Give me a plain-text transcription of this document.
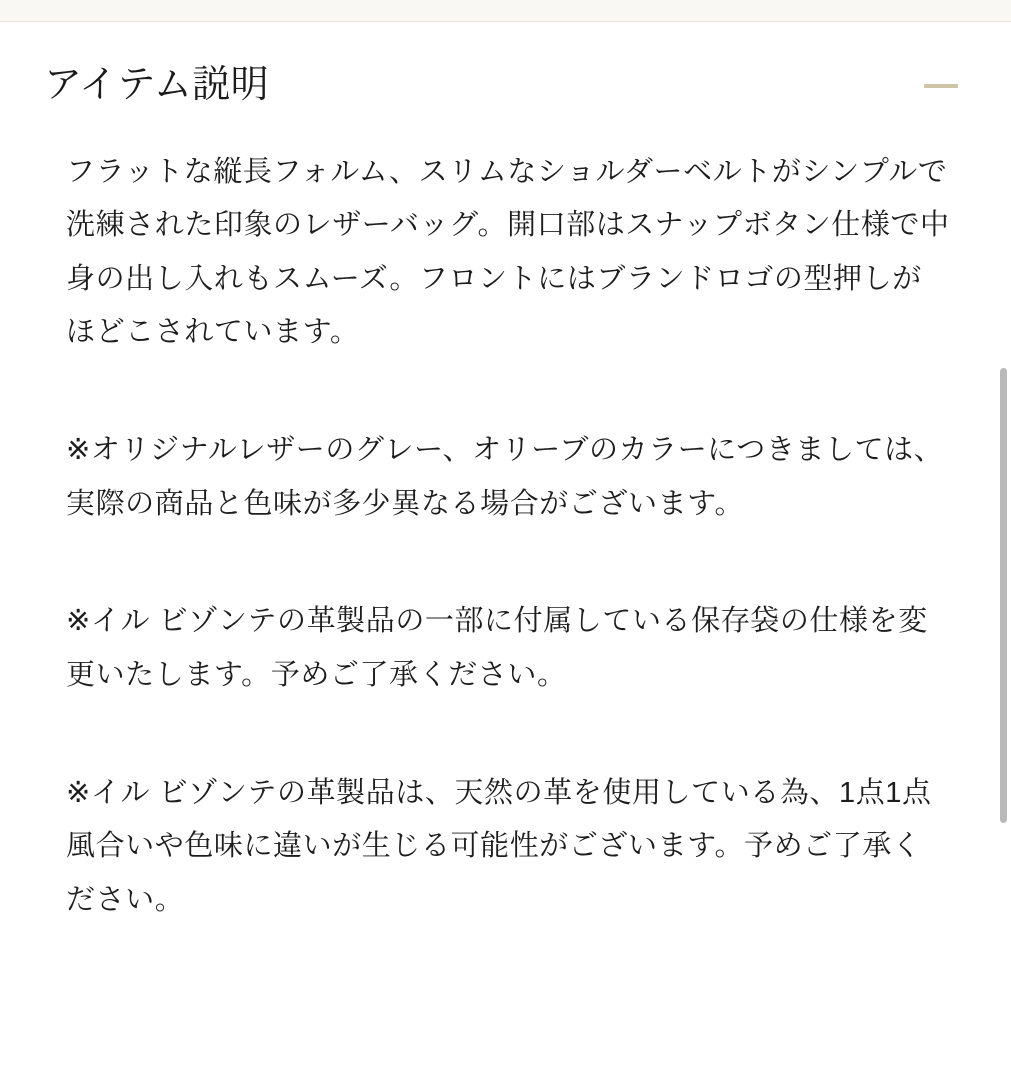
アイテム説明

フラットな縦長フォルム、スリムなショルダーベルトがシンプルで洗練された印象のレザーバッグ。開口部はスナップボタン仕様で中身の出し入れもスムーズ。フロントにはブランドロゴの型押しがほどこされています。

※オリジナルレザーのグレー、オリーブのカラーにつきましては、実際の商品と色味が多少異なる場合がございます。

※イル ビゾンテの革製品の一部に付属している保存袋の仕様を変更いたします。予めご了承ください。

※イル ビゾンテの革製品は、天然の革を使用している為、1点1点風合いや色味に違いが生じる可能性がございます。予めご了承ください。
